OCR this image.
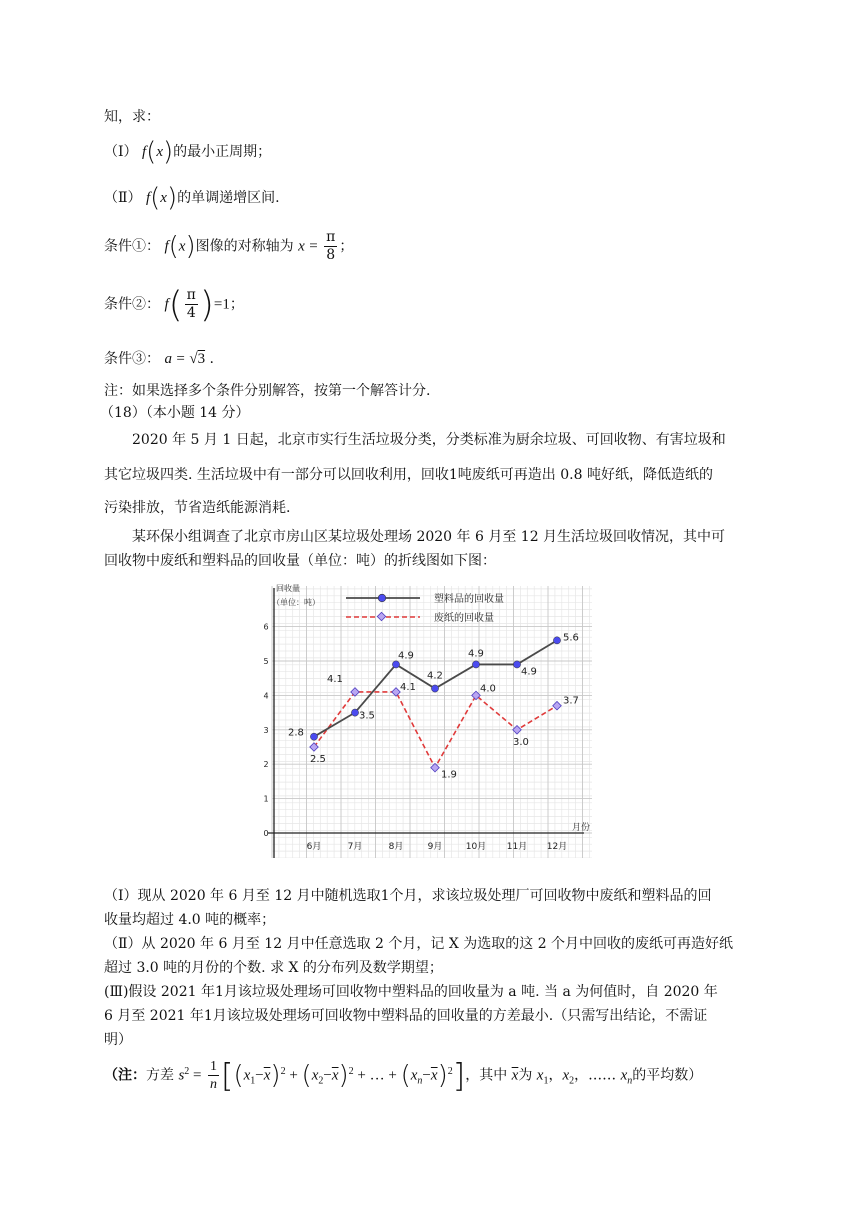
知，求：
（Ⅰ） f(x)的最小正周期；
（Ⅱ） f(x)的单调递增区间.
条件①： f(x)图像的对称轴为 $x = \frac{\pi}{8}$ ；
条件②： $f( \frac{\pi}{4} )=1$；
条件③： a = √3 .
注：如果选择多个条件分别解答，按第一个解答计分.
（18）（本小题 14 分）
2020 年 5 月 1 日起，北京市实行生活垃圾分类，分类标准为厨余垃圾、可回收物、有害垃圾和
其它垃圾四类. 生活垃圾中有一部分可以回收利用，回收1吨废纸可再造出 0.8 吨好纸，降低造纸的
污染排放，节省造纸能源消耗.
某环保小组调查了北京市房山区某垃圾处理场 2020 年 6 月至 12 月生活垃圾回收情况，其中可
回收物中废纸和塑料品的回收量（单位：吨）的折线图如下图：
0
1
2
3
4
5
6
6月	7月	8月	9月	10月 11月 12月
回收量
（单位：吨）
月份
塑料品的回收量
废纸的回收量
2.8
3.5
4.9
4.2
4.9
4.9
5.6
2.5
4.1
4.1
1.9
4.0
3.0
3.7
（Ⅰ）现从 2020 年 6 月至 12 月中随机选取1个月，求该垃圾处理厂可回收物中废纸和塑料品的回
收量均超过 4.0 吨的概率；
（Ⅱ）从 2020 年 6 月至 12 月中任意选取 2 个月，记 X 为选取的这 2 个月中回收的废纸可再造好纸
超过 3.0 吨的月份的个数. 求 X 的分布列及数学期望；
(Ⅲ)假设 2021 年1月该垃圾处理场可回收物中塑料品的回收量为 a 吨. 当 a 为何值时，自 2020 年
6 月至 2021 年1月该垃圾处理场可回收物中塑料品的回收量的方差最小.（只需写出结论，不需证
明）
（注：方差 $s^2 = \frac{1}{n} [(x_1-\overline{x})^2 + (x_2-\overline{x})^2$ + … + $(x_n-\overline{x})^2$]，其中 $\overline{x}$为 $x_1$，$x_2$，…… $x_n$的平均数）
